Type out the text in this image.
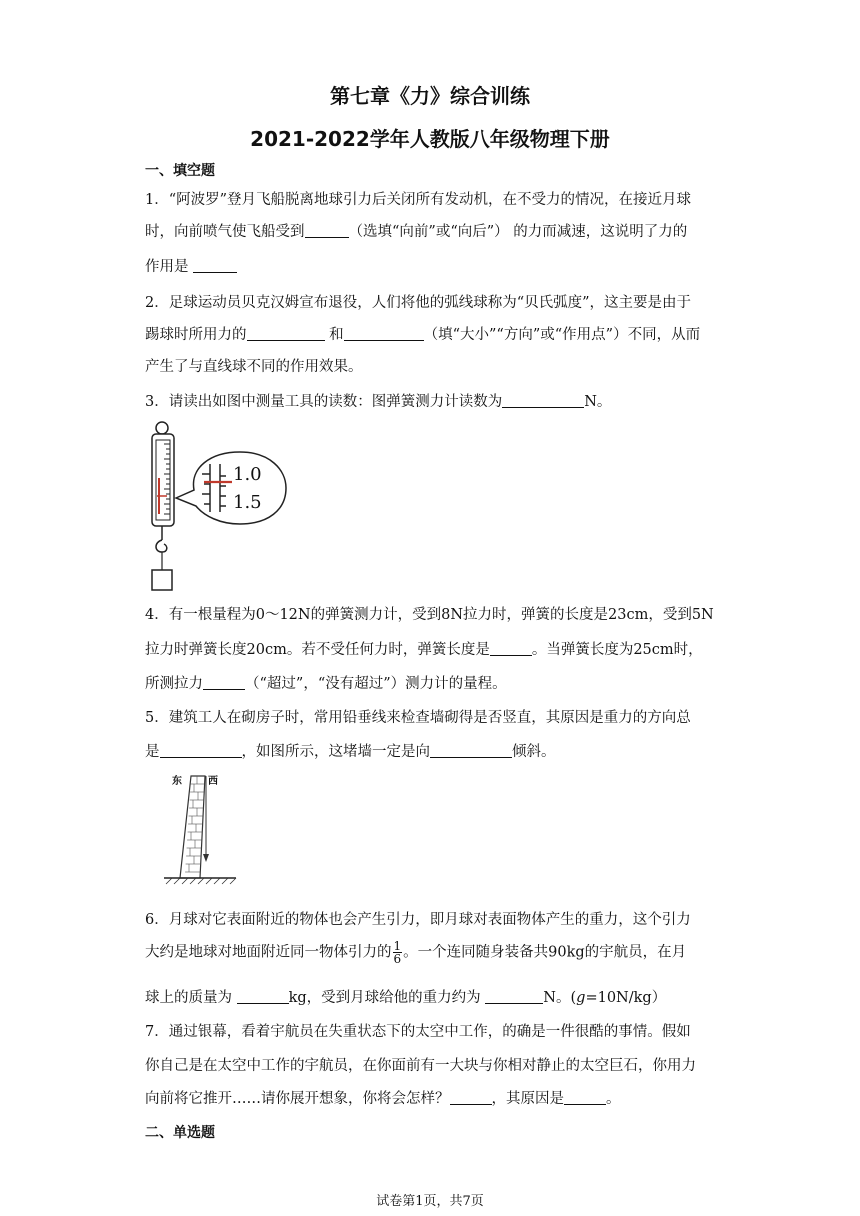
第七章《力》综合训练
2021-2022学年人教版八年级物理下册
一、填空题
1．“阿波罗”登月飞船脱离地球引力后关闭所有发动机，在不受力的情况，在接近月球
时，向前喷气使飞船受到	（选填“向前”或“向后”） 的力而减速，这说明了力的
作用是
2．足球运动员贝克汉姆宣布退役，人们将他的弧线球称为“贝氏弧度”，这主要是由于
踢球时所用力的	和	（填“大小”“方向”或“作用点”）不同，从而
产生了与直线球不同的作用效果。
3．请读出如图中测量工具的读数：图弹簧测力计读数为	N。
1.0
1.5
4．有一根量程为0～12N的弹簧测力计，受到8N拉力时，弹簧的长度是23cm，受到5N
拉力时弹簧长度20cm。若不受任何力时，弹簧长度是	。当弹簧长度为25cm时，
所测拉力	（“超过”，“没有超过”）测力计的量程。
5．建筑工人在砌房子时，常用铅垂线来检查墙砌得是否竖直，其原因是重力的方向总
是	，如图所示，这堵墙一定是向	倾斜。
东	西
6．月球对它表面附近的物体也会产生引力，即月球对表面物体产生的重力，这个引力
大约是地球对地面附近同一物体引力的 $\frac{1}{6}$ 。一个连同随身装备共90kg的宇航员，在月
球上的质量为	kg，受到月球给他的重力约为	N。(g=10N/kg）
7．通过银幕，看着宇航员在失重状态下的太空中工作，的确是一件很酷的事情。假如
你自己是在太空中工作的宇航员，在你面前有一大块与你相对静止的太空巨石，你用力
向前将它推开……请你展开想象，你将会怎样？	，其原因是	。
二、单选题
试卷第1页，共7页
